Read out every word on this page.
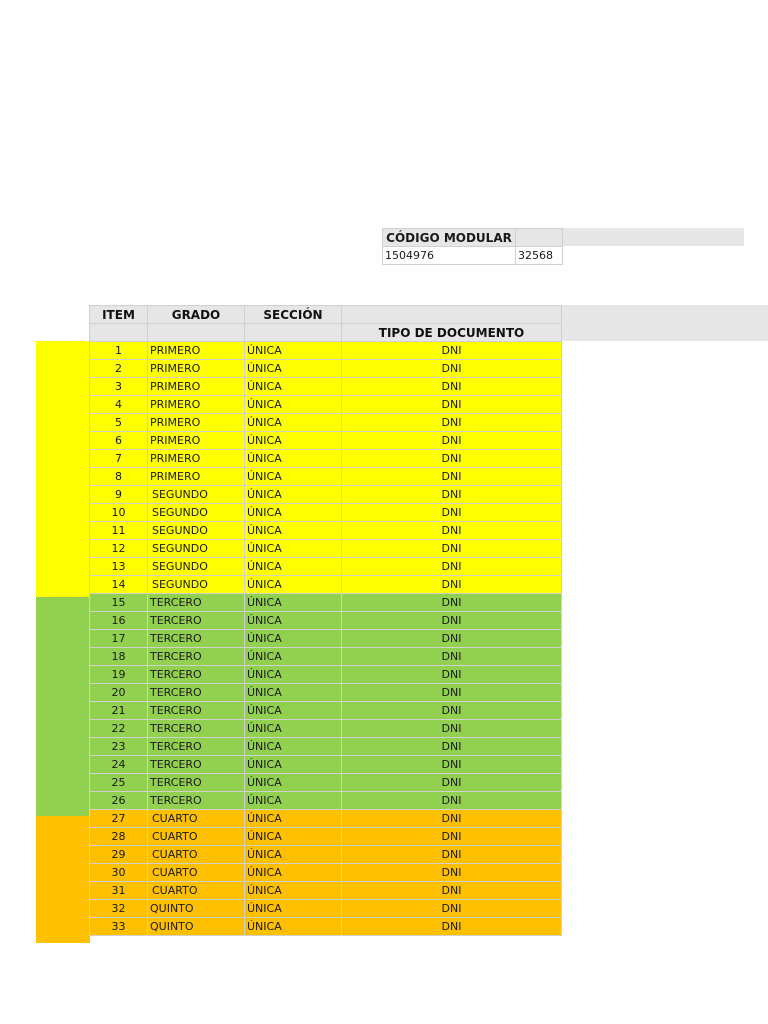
CÓDIGO MODULAR	
1504976	32568
ITEM	GRADO	SECCIÓN	
			TIPO DE DOCUMENTO
1	PRIMERO	ÚNICA	DNI
2	PRIMERO	ÚNICA	DNI
3	PRIMERO	ÚNICA	DNI
4	PRIMERO	ÚNICA	DNI
5	PRIMERO	ÚNICA	DNI
6	PRIMERO	ÚNICA	DNI
7	PRIMERO	ÚNICA	DNI
8	PRIMERO	ÚNICA	DNI
9	SEGUNDO	ÚNICA	DNI
10	SEGUNDO	ÚNICA	DNI
11	SEGUNDO	ÚNICA	DNI
12	SEGUNDO	ÚNICA	DNI
13	SEGUNDO	ÚNICA	DNI
14	SEGUNDO	ÚNICA	DNI
15	TERCERO	ÚNICA	DNI
16	TERCERO	ÚNICA	DNI
17	TERCERO	ÚNICA	DNI
18	TERCERO	ÚNICA	DNI
19	TERCERO	ÚNICA	DNI
20	TERCERO	ÚNICA	DNI
21	TERCERO	ÚNICA	DNI
22	TERCERO	ÚNICA	DNI
23	TERCERO	ÚNICA	DNI
24	TERCERO	ÚNICA	DNI
25	TERCERO	ÚNICA	DNI
26	TERCERO	ÚNICA	DNI
27	CUARTO	ÚNICA	DNI
28	CUARTO	ÚNICA	DNI
29	CUARTO	ÚNICA	DNI
30	CUARTO	ÚNICA	DNI
31	CUARTO	ÚNICA	DNI
32	QUINTO	ÚNICA	DNI
33	QUINTO	ÚNICA	DNI
